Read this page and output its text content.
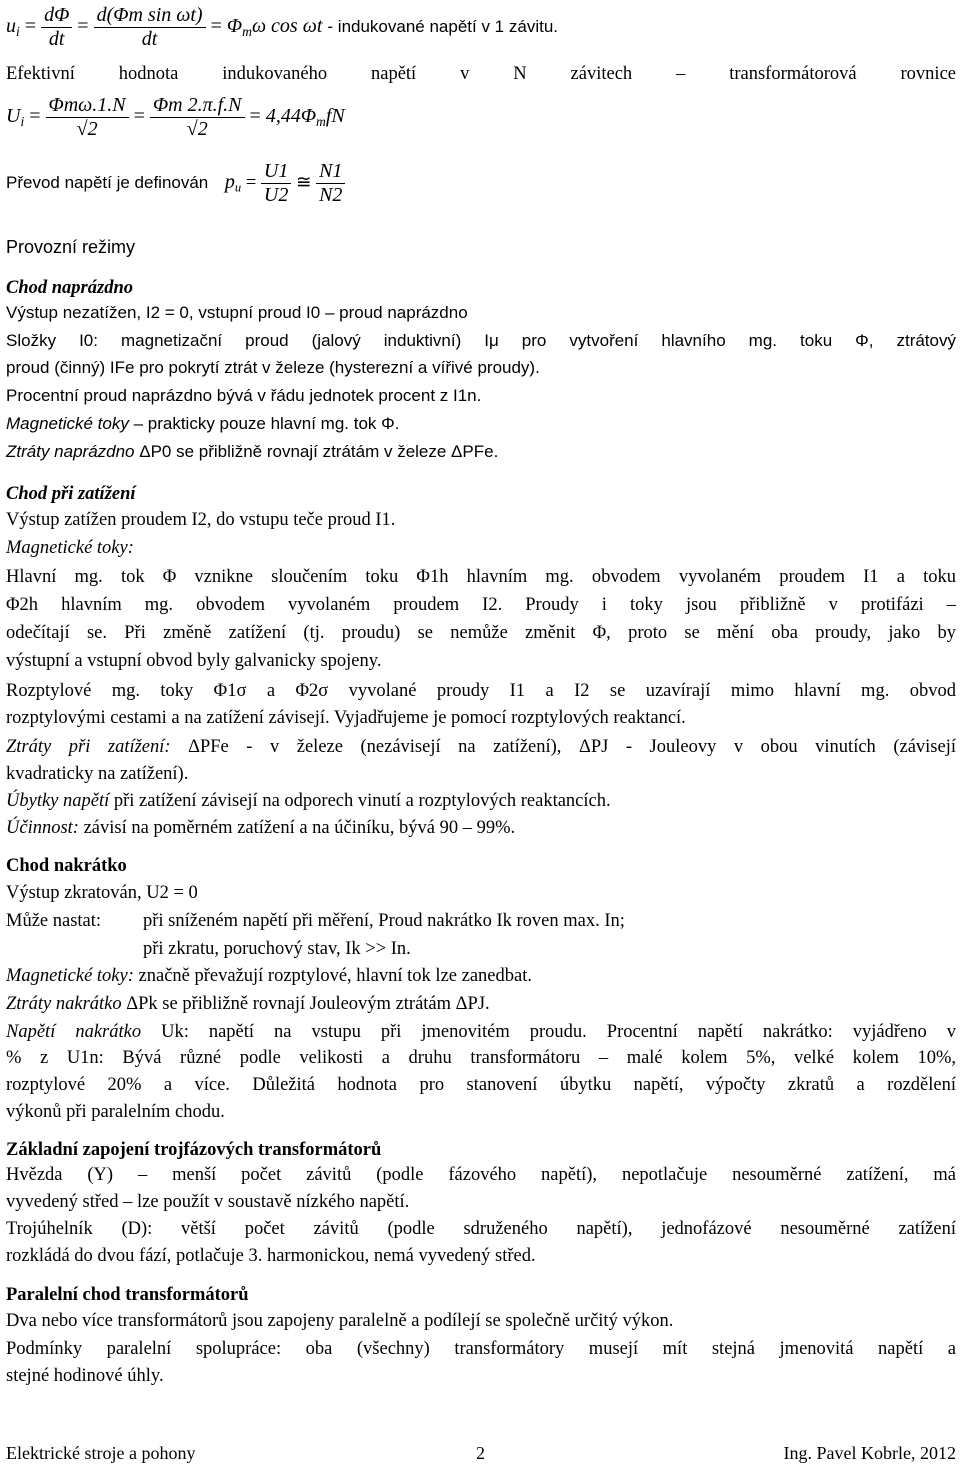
$u_i = \frac{d\Phi}{dt} = \frac{\text{d(Φm sin ωt)}}{dt} = \Phi_m\omega$ cos ωt - indukované napětí v 1 závitu.
Efektivní hodnota indukovaného napětí v N závitech – transformátorová rovnice
$U_i = \frac{\text{Φmω.1.N}}{√2} = \frac{\Phi m 2.\pi.f.N}{√2} = 4,44\Phi_mfN$
Převod napětí je definován $p_u = \frac{U1}{U2}$ ≅ $\frac{N1}{N2}$
Provozní režimy
Chod naprázdno
Výstup nezatížen, I2 = 0, vstupní proud I0 – proud naprázdno
Složky I0: magnetizační proud (jalový induktivní) Iμ pro vytvoření hlavního mg. toku Φ, ztrátový
proud (činný) IFe pro pokrytí ztrát v železe (hysterezní a vířivé proudy).
Procentní proud naprázdno bývá v řádu jednotek procent z I1n.
Magnetické toky – prakticky pouze hlavní mg. tok Φ.
Ztráty naprázdno ΔP0 se přibližně rovnají ztrátám v železe ΔPFe.
Chod při zatížení
Výstup zatížen proudem I2, do vstupu teče proud I1.
Magnetické toky:
Hlavní mg. tok Φ vznikne sloučením toku Φ1h hlavním mg. obvodem vyvolaném proudem I1 a toku
Φ2h hlavním mg. obvodem vyvolaném proudem I2. Proudy i toky jsou přibližně v protifázi –
odečítají se. Při změně zatížení (tj. proudu) se nemůže změnit Φ, proto se mění oba proudy, jako by
výstupní a vstupní obvod byly galvanicky spojeny.
Rozptylové mg. toky Φ1σ a Φ2σ vyvolané proudy I1 a I2 se uzavírají mimo hlavní mg. obvod
rozptylovými cestami a na zatížení závisejí. Vyjadřujeme je pomocí rozptylových reaktancí.
Ztráty při zatížení: ΔPFe - v železe (nezávisejí na zatížení), ΔPJ - Jouleovy v obou vinutích (závisejí
kvadraticky na zatížení).
Úbytky napětí při zatížení závisejí na odporech vinutí a rozptylových reaktancích.
Účinnost: závisí na poměrném zatížení a na účiníku, bývá 90 – 99%.
Chod nakrátko
Výstup zkratován, U2 = 0
Může nastat: při sníženém napětí při měření, Proud nakrátko Ik roven max. In;
při zkratu, poruchový stav, Ik >> In.
Magnetické toky: značně převažují rozptylové, hlavní tok lze zanedbat.
Ztráty nakrátko ΔPk se přibližně rovnají Jouleovým ztrátám ΔPJ.
Napětí nakrátko Uk: napětí na vstupu při jmenovitém proudu. Procentní napětí nakrátko: vyjádřeno v
% z U1n: Bývá různé podle velikosti a druhu transformátoru – malé kolem 5%, velké kolem 10%,
rozptylové 20% a více. Důležitá hodnota pro stanovení úbytku napětí, výpočty zkratů a rozdělení
výkonů při paralelním chodu.
Základní zapojení trojfázových transformátorů
Hvězda (Y) – menší počet závitů (podle fázového napětí), nepotlačuje nesouměrné zatížení, má
vyvedený střed – lze použít v soustavě nízkého napětí.
Trojúhelník (D): větší počet závitů (podle sdruženého napětí), jednofázové nesouměrné zatížení
rozkládá do dvou fází, potlačuje 3. harmonickou, nemá vyvedený střed.
Paralelní chod transformátorů
Dva nebo více transformátorů jsou zapojeny paralelně a podílejí se společně určitý výkon.
Podmínky paralelní spolupráce: oba (všechny) transformátory musejí mít stejná jmenovitá napětí a
stejné hodinové úhly.
Elektrické stroje a pohony	2	Ing. Pavel Kobrle, 2012
